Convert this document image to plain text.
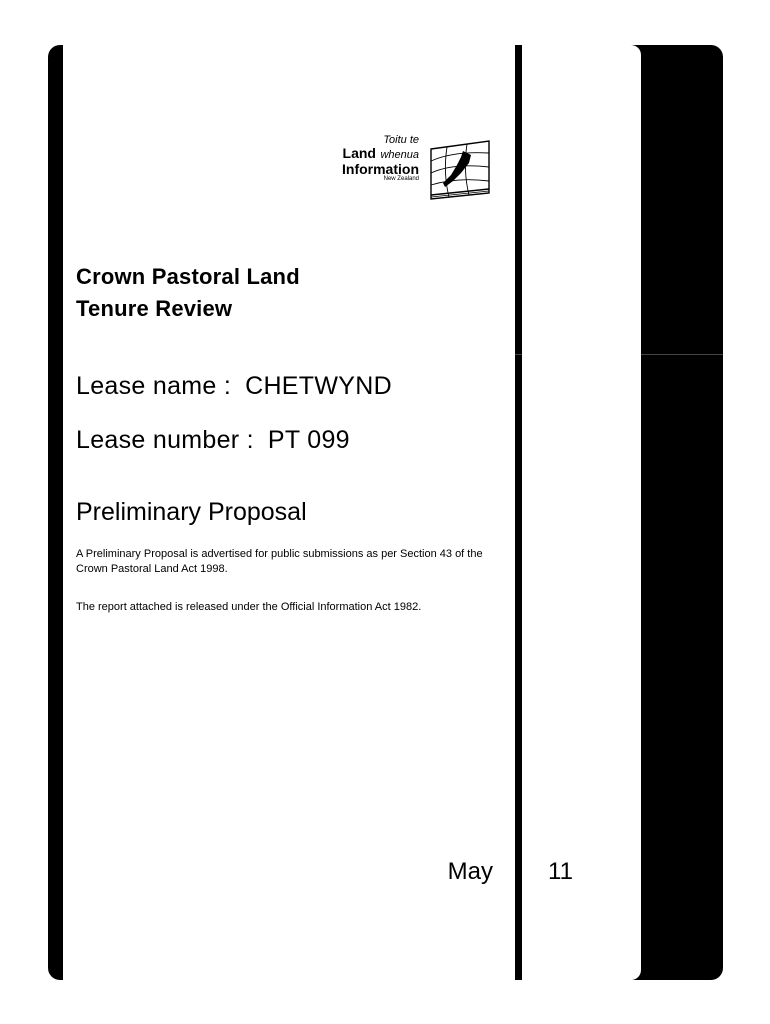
Toitu te
Land whenua
Information
New Zealand
Crown Pastoral Land
Tenure Review
Lease name : CHETWYND
Lease number : PT 099
Preliminary Proposal

A Preliminary Proposal is advertised for public submissions as per Section 43 of the Crown Pastoral Land Act 1998.

The report attached is released under the Official Information Act 1982.

May 11
